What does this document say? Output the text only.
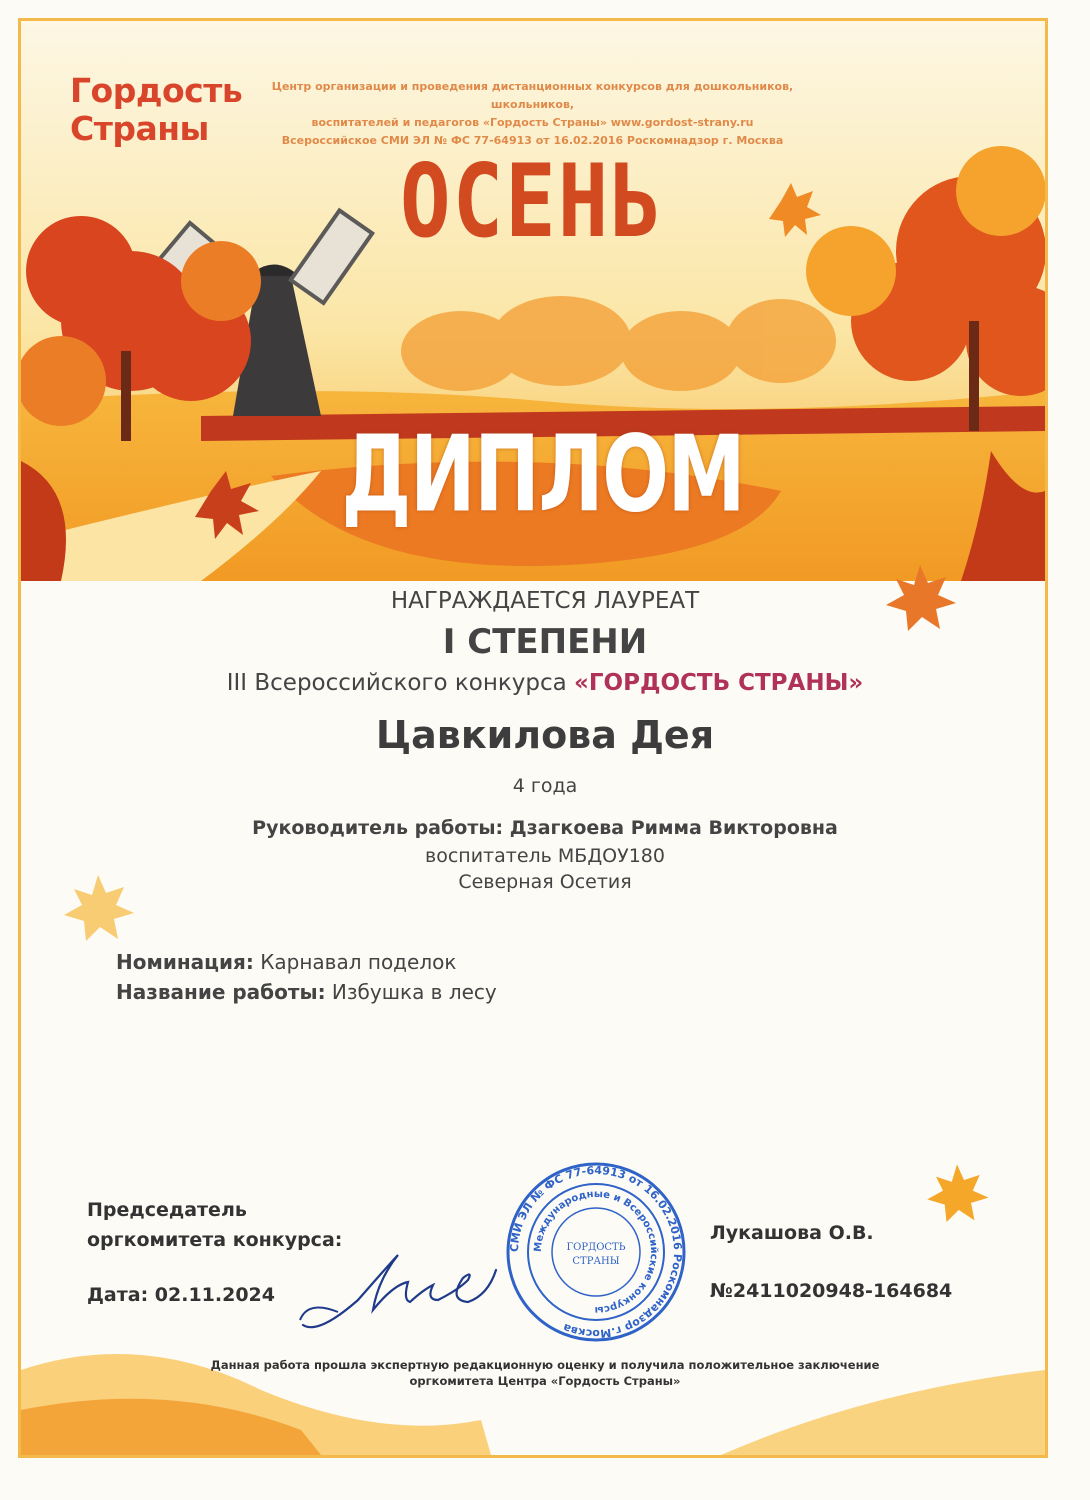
Гордость
Страны
Центр организации и проведения дистанционных конкурсов для дошкольников, школьников,
воспитателей и педагогов «Гордость Страны» www.gordost-strany.ru
Всероссийское СМИ ЭЛ № ФС 77-64913 от 16.02.2016 Роскомнадзор г. Москва
ОСЕНЬ
ДИПЛОМ
НАГРАЖДАЕТСЯ ЛАУРЕАТ
I СТЕПЕНИ
III Всероссийского конкурса «ГОРДОСТЬ СТРАНЫ»
Цавкилова Дея
4 года
Руководитель работы: Дзагкоева Римма Викторовна
воспитатель МБДОУ180
Северная Осетия
Номинация: Карнавал поделок
Название работы: Избушка в лесу
Председатель
оргкомитета конкурса:
Дата: 02.11.2024
Лукашова О.В.
№2411020948-164684
СМИ ЭЛ № ФС 77-64913 от 16.02.2016 Роскомнадзор г.Москва
Международные и Всероссийские конкурсы
ГОРДОСТЬ
СТРАНЫ
Данная работа прошла экспертную редакционную оценку и получила положительное заключение
оргкомитета Центра «Гордость Страны»
